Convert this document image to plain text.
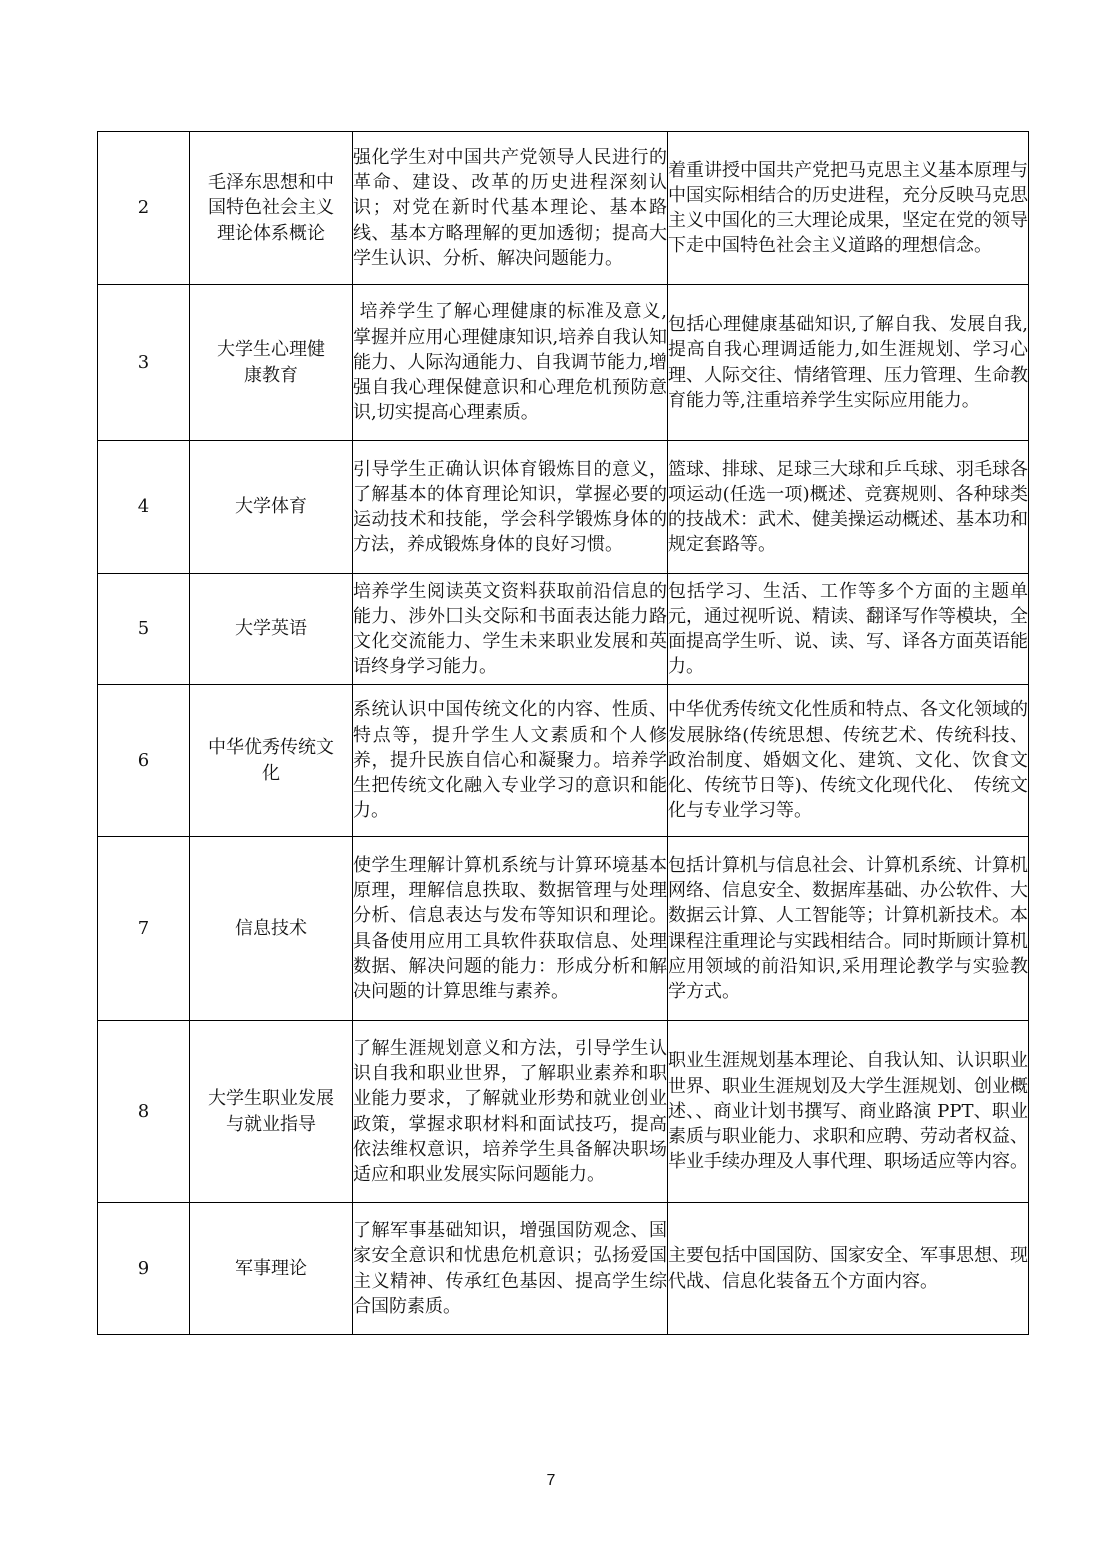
2	毛泽东思想和中国特色社会主义理论体系概论	强化学生对中国共产党领导人民进行的革命、建设、改革的历史进程深刻认识；对党在新时代基本理论、基本路线、基本方略理解的更加透彻；提高大学生认识、分析、解决问题能力。	着重讲授中国共产党把马克思主义基本原理与中国实际相结合的历史进程，充分反映马克思主义中国化的三大理论成果，坚定在党的领导下走中国特色社会主义道路的理想信念。
3	大学生心理健康教育	培养学生了解心理健康的标准及意义,掌握并应用心理健康知识,培养自我认知能力、人际沟通能力、自我调节能力,增强自我心理保健意识和心理危机预防意识,切实提高心理素质。	包括心理健康基础知识,了解自我、发展自我,提高自我心理调适能力,如生涯规划、学习心理、人际交往、情绪管理、压力管理、生命教育能力等,注重培养学生实际应用能力。
4	大学体育	引导学生正确认识体育锻炼目的意义，了解基本的体育理论知识，掌握必要的运动技术和技能，学会科学锻炼身体的方法，养成锻炼身体的良好习惯。	篮球、排球、足球三大球和乒乓球、羽毛球各项运动(任选一项)概述、竞赛规则、各种球类的技战术：武术、健美操运动概述、基本功和规定套路等。
5	大学英语	培养学生阅读英文资料获取前沿信息的能力、涉外囗头交际和书面表达能力路文化交流能力、学生未来职业发展和英语终身学习能力。	包括学习、生活、工作等多个方面的主题单元，通过视听说、精读、翻译写作等模块，全面提高学生听、说、读、写、译各方面英语能力。
6	中华优秀传统文化	系统认识中国传统文化的内容、性质、特点等，提升学生人文素质和个人修养，提升民族自信心和凝聚力。培养学生把传统文化融入专业学习的意识和能力。	中华优秀传统文化性质和特点、各文化领域的发展脉络(传统思想、传统艺术、传统科技、政治制度、婚姻文化、建筑、文化、饮食文化、传统节日等)、传统文化现代化、　传统文化与专业学习等。
7	信息技术	使学生理解计算机系统与计算环境基本原理，理解信息抶取、数据管理与处理分析、信息表达与发布等知识和理论。具备使用应用工具软件获取信息、处理数据、解决问题的能力：形成分析和解决问题的计算思维与素养。	包括计算机与信息社会、计算机系统、计算机网络、信息安全、数据库基础、办公软件、大数据云计算、人工智能等；计算机新技术。本课程注重理论与实践相结合。同时斯顾计算机应用领域的前沿知识,采用理论教学与实验教学方式。
8	大学生职业发展与就业指导	了解生涯规划意义和方法，引导学生认识自我和职业世界，了解职业素养和职业能力要求，了解就业形势和就业创业政策，掌握求职材料和面试技巧，提高依法维权意识，培养学生具备解决职场适应和职业发展实际问题能力。	职业生涯规划基本理论、自我认知、认识职业世界、职业生涯规划及大学生涯规划、创业概述、、商业计划书撰写、商业路演 PPT、职业素质与职业能力、求职和应聘、劳动者权益、毕业手续办理及人事代理、职场适应等内容。
9	军事理论	了解军事基础知识，增强国防观念、国家安全意识和忧患危机意识；弘扬爱国主义精神、传承红色基因、提高学生综合国防素质。	主要包括中国国防、国家安全、军事思想、现代战、信息化装备五个方面内容。
7
